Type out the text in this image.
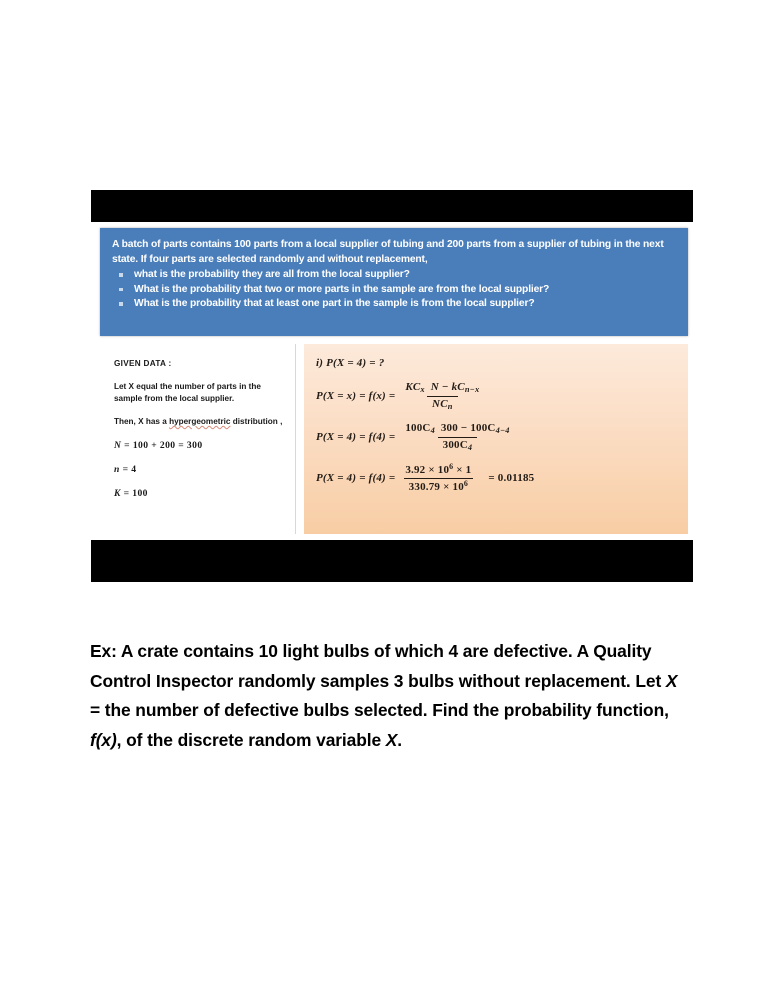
A batch of parts contains 100 parts from a local supplier of tubing and 200 parts from a supplier of tubing in the next state. If four parts are selected randomly and without replacement,

what is the probability they are all from the local supplier?
What is the probability that two or more parts in the sample are from the local supplier?
What is the probability that at least one part in the sample is from the local supplier?
GIVEN DATA :

Let X equal the number of parts in the sample from the local supplier.

Then, X has a hypergeometric distribution ,

N = 100 + 200 = 300

n = 4

K = 100

i) P(X = 4) = ?
$P(X = x) = f(x) = \frac{KC_x N - kC_{n-x}}{NC_n}$
$P(X = 4) = f(4) = \frac{100C_4 300 - 100C_{4-4}}{300C_4}$
$P(X = 4) = f(4) = \frac{3.92 \times 10^6 \times 1}{330.79 \times 10^6} = 0.01185$

Ex: A crate contains 10 light bulbs of which 4 are defective. A Quality Control Inspector randomly samples 3 bulbs without replacement. Let X = the number of defective bulbs selected. Find the probability function, f(x), of the discrete random variable X.
